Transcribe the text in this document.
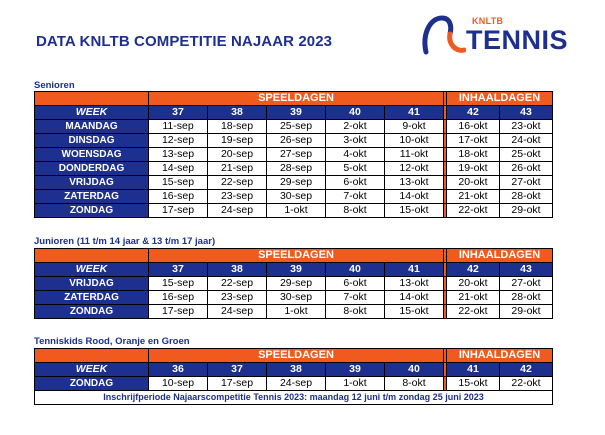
DATA KNLTB COMPETITIE NAJAAR 2023
KNLTB
TENNIS
Senioren
	SPEELDAGEN						INHAALDAGEN	
WEEK	37	38	39	40	41		42	43
MAANDAG	11-sep	18-sep	25-sep	2-okt	9-okt		16-okt	23-okt
DINSDAG	12-sep	19-sep	26-sep	3-okt	10-okt		17-okt	24-okt
WOENSDAG	13-sep	20-sep	27-sep	4-okt	11-okt		18-okt	25-okt
DONDERDAG	14-sep	21-sep	28-sep	5-okt	12-okt		19-okt	26-okt
VRIJDAG	15-sep	22-sep	29-sep	6-okt	13-okt		20-okt	27-okt
ZATERDAG	16-sep	23-sep	30-sep	7-okt	14-okt		21-okt	28-okt
ZONDAG	17-sep	24-sep	1-okt	8-okt	15-okt		22-okt	29-okt
Junioren (11 t/m 14 jaar & 13 t/m 17 jaar)
	SPEELDAGEN						INHAALDAGEN	
WEEK	37	38	39	40	41		42	43
VRIJDAG	15-sep	22-sep	29-sep	6-okt	13-okt		20-okt	27-okt
ZATERDAG	16-sep	23-sep	30-sep	7-okt	14-okt		21-okt	28-okt
ZONDAG	17-sep	24-sep	1-okt	8-okt	15-okt		22-okt	29-okt
Tenniskids Rood, Oranje en Groen
	SPEELDAGEN						INHAALDAGEN	
WEEK	36	37	38	39	40		41	42
ZONDAG	10-sep	17-sep	24-sep	1-okt	8-okt		15-okt	22-okt
Inschrijfperiode Najaarscompetitie Tennis 2023: maandag 12 juni t/m zondag 25 juni 2023								
